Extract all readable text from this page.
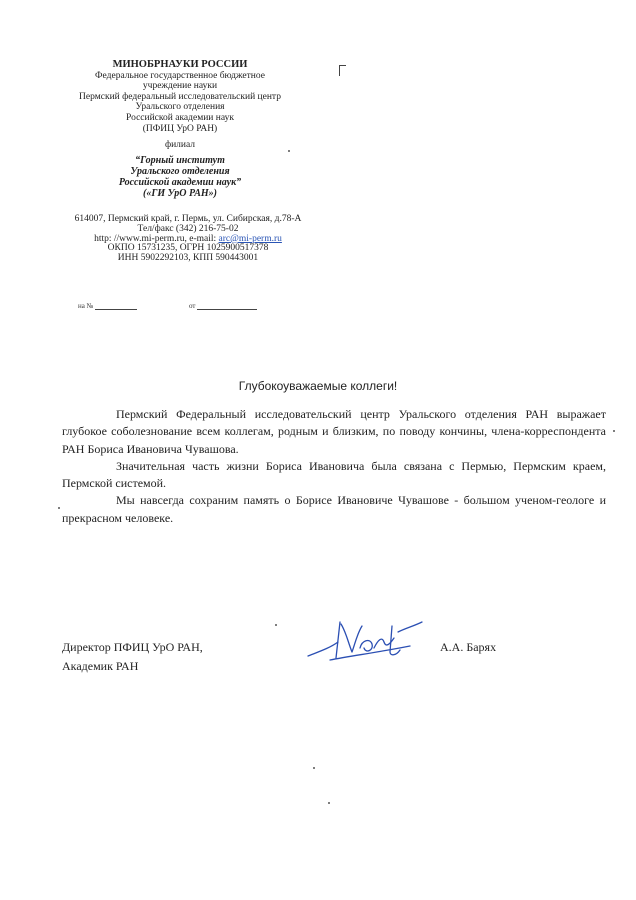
МИНОБРНАУКИ РОССИИ
Федеральное государственное бюджетное
учреждение науки
Пермский федеральный исследовательский центр
Уральского отделения
Российской академии наук
(ПФИЦ УрО РАН)
филиал
“Горный институт
Уральского отделения
Российской академии наук”
(«ГИ УрО РАН»)
614007, Пермский край, г. Пермь, ул. Сибирская, д.78-А
Тел/факс (342) 216-75-02
http: //www.mi-perm.ru, e-mail: arc@mi-perm.ru
ОКПО 15731235, ОГРН 1025900517378
ИНН 5902292103, КПП 590443001
на №	от
Глубокоуважаемые коллеги!

Пермский Федеральный исследовательский центр Уральского отделения РАН выражает глубокое соболезнование всем коллегам, родным и близким, по поводу кончины, члена-корреспондента РАН Бориса Ивановича Чувашова.

Значительная часть жизни Бориса Ивановича была связана с Пермью, Пермским краем, Пермской системой.

Мы навсегда сохраним память о Борисе Ивановиче Чувашове - большом ученом-геологе и прекрасном человеке.

Директор ПФИЦ УрО РАН,
Академик РАН
А.А. Барях
